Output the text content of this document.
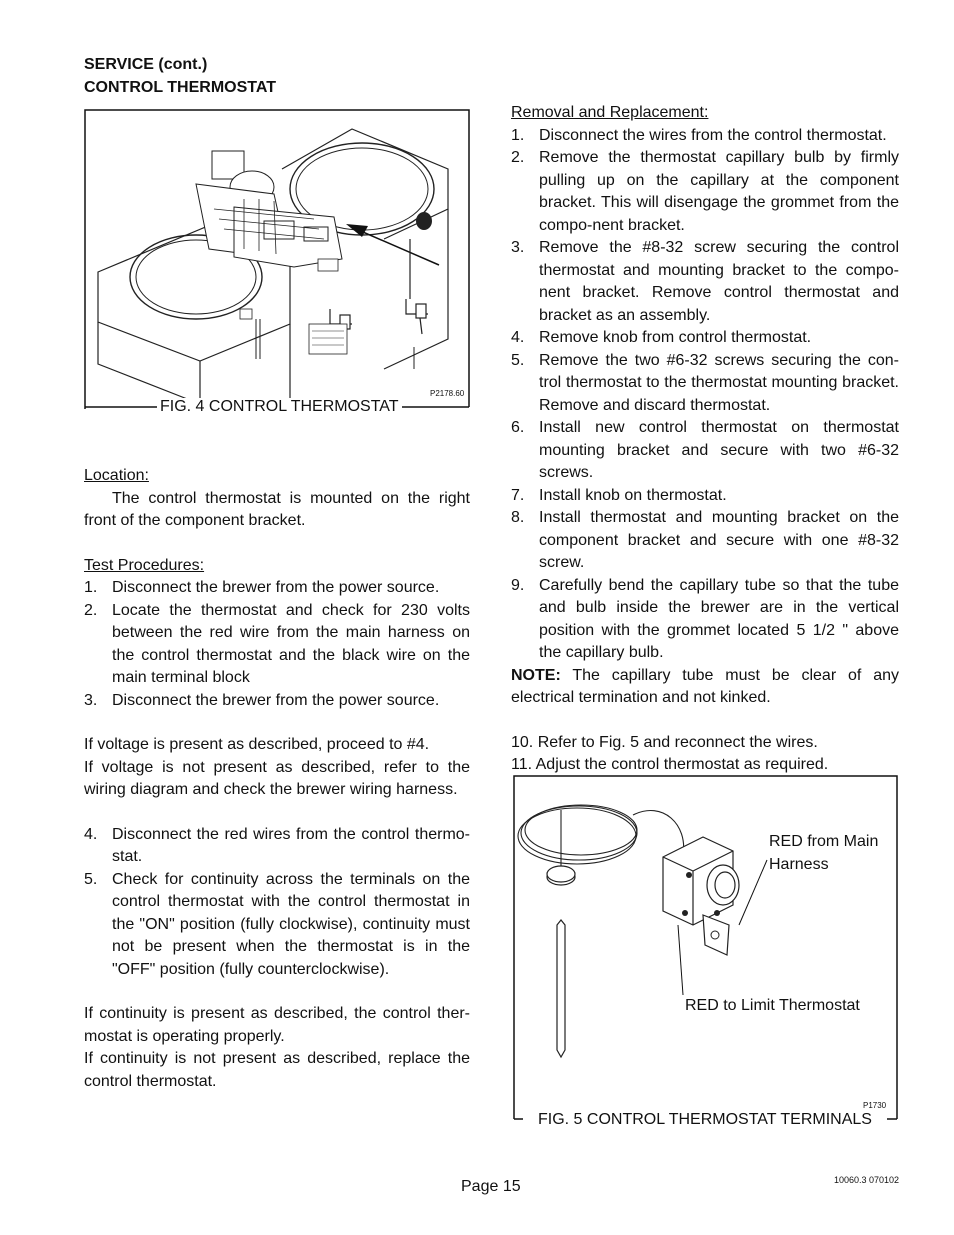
SERVICE (cont.)
CONTROL THERMOSTAT
P2178.60
FIG. 4 CONTROL THERMOSTAT
Location:

The control thermostat is mounted on the right front of the component bracket.

Test Procedures:
1. Disconnect the brewer from the power source.
2. Locate the thermostat and check for 230 volts between the red wire from the main harness on the control thermostat and the black wire on the main terminal block
3. Disconnect the brewer from the power source.

If voltage is present as described, proceed to #4.

If voltage is not present as described, refer to the wiring diagram and check the brewer wiring harness.

4. Disconnect the red wires from the control thermo-stat.
5. Check for continuity across the terminals on the control thermostat with the control thermostat in the "ON" position (fully clockwise), continuity must not be present when the thermostat is in the "OFF" position (fully counterclockwise).

If continuity is present as described, the control ther-mostat is operating properly.

If continuity is not present as described, replace the control thermostat.

Removal and Replacement:
1. Disconnect the wires from the control thermostat.
2. Remove the thermostat capillary bulb by firmly pulling up on the capillary at the component bracket. This will disengage the grommet from the compo-nent bracket.
3. Remove the #8-32 screw securing the control thermostat and mounting bracket to the compo-nent bracket. Remove control thermostat and bracket as an assembly.
4. Remove knob from control thermostat.
5. Remove the two #6-32 screws securing the con-trol thermostat to the thermostat mounting bracket. Remove and discard thermostat.
6. Install new control thermostat on thermostat mounting bracket and secure with two #6-32 screws.
7. Install knob on thermostat.
8. Install thermostat and mounting bracket on the component bracket and secure with one #8-32 screw.
9. Carefully bend the capillary tube so that the tube and bulb inside the brewer are in the vertical position with the grommet located 5 1/2 " above the capillary bulb.

NOTE: The capillary tube must be clear of any electrical termination and not kinked.

10. Refer to Fig. 5 and reconnect the wires.
11. Adjust the control thermostat as required.
RED from Main
Harness
RED to Limit Thermostat
P1730
FIG. 5 CONTROL THERMOSTAT TERMINALS
Page 15	10060.3 070102
